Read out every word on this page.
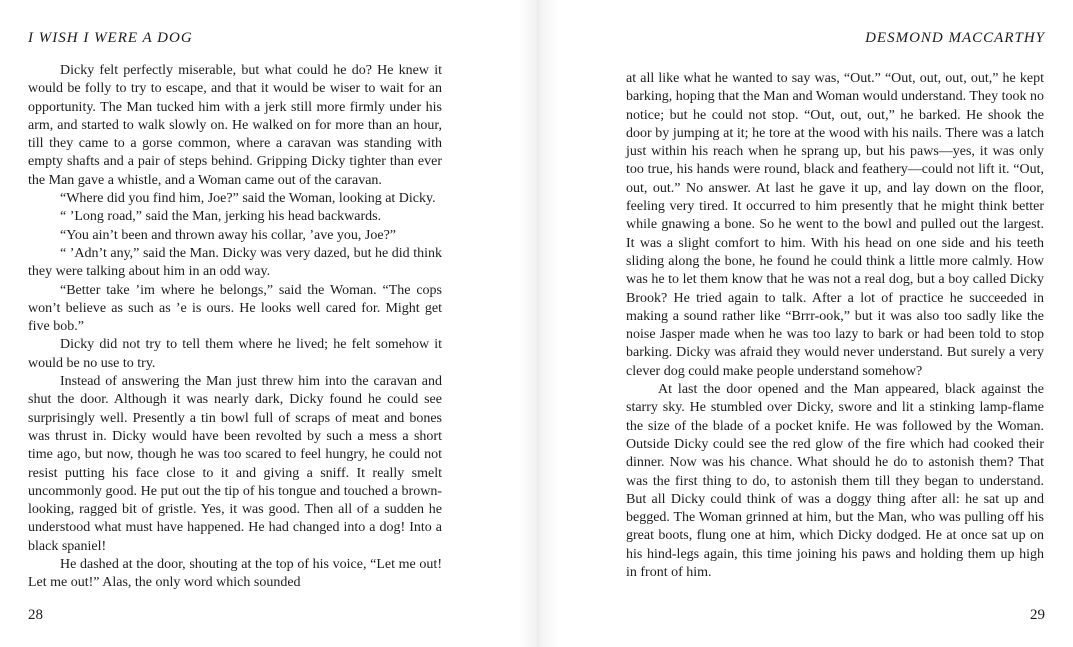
I WISH I WERE A DOG

Dicky felt perfectly miserable, but what could he do? He knew it would be folly to try to escape, and that it would be wiser to wait for an opportunity. The Man tucked him with a jerk still more firmly under his arm, and started to walk slowly on. He walked on for more than an hour, till they came to a gorse common, where a caravan was standing with empty shafts and a pair of steps behind. Gripping Dicky tighter than ever the Man gave a whistle, and a Woman came out of the caravan.

“Where did you find him, Joe?” said the Woman, looking at Dicky.

“ ’Long road,” said the Man, jerking his head backwards.

“You ain’t been and thrown away his collar, ’ave you, Joe?”

“ ’Adn’t any,” said the Man. Dicky was very dazed, but he did think they were talking about him in an odd way.

“Better take ’im where he belongs,” said the Woman. “The cops won’t believe as such as ’e is ours. He looks well cared for. Might get five bob.”

Dicky did not try to tell them where he lived; he felt somehow it would be no use to try.

Instead of answering the Man just threw him into the caravan and shut the door. Although it was nearly dark, Dicky found he could see surprisingly well. Presently a tin bowl full of scraps of meat and bones was thrust in. Dicky would have been revolted by such a mess a short time ago, but now, though he was too scared to feel hungry, he could not resist putting his face close to it and giving a sniff. It really smelt uncommonly good. He put out the tip of his tongue and touched a brown-looking, ragged bit of gristle. Yes, it was good. Then all of a sudden he understood what must have happened. He had changed into a dog! Into a black spaniel!

He dashed at the door, shouting at the top of his voice, “Let me out! Let me out!” Alas, the only word which sounded

28
DESMOND MACCARTHY

at all like what he wanted to say was, “Out.” “Out, out, out, out,” he kept barking, hoping that the Man and Woman would understand. They took no notice; but he could not stop. “Out, out, out,” he barked. He shook the door by jumping at it; he tore at the wood with his nails. There was a latch just within his reach when he sprang up, but his paws—yes, it was only too true, his hands were round, black and feathery—could not lift it. “Out, out, out.” No answer. At last he gave it up, and lay down on the floor, feeling very tired. It occurred to him presently that he might think better while gnawing a bone. So he went to the bowl and pulled out the largest. It was a slight comfort to him. With his head on one side and his teeth sliding along the bone, he found he could think a little more calmly. How was he to let them know that he was not a real dog, but a boy called Dicky Brook? He tried again to talk. After a lot of practice he succeeded in making a sound rather like “Brrr-ook,” but it was also too sadly like the noise Jasper made when he was too lazy to bark or had been told to stop barking. Dicky was afraid they would never understand. But surely a very clever dog could make people understand somehow?

At last the door opened and the Man appeared, black against the starry sky. He stumbled over Dicky, swore and lit a stinking lamp-flame the size of the blade of a pocket knife. He was followed by the Woman. Outside Dicky could see the red glow of the fire which had cooked their dinner. Now was his chance. What should he do to astonish them? That was the first thing to do, to astonish them till they began to understand. But all Dicky could think of was a doggy thing after all: he sat up and begged. The Woman grinned at him, but the Man, who was pulling off his great boots, flung one at him, which Dicky dodged. He at once sat up on his hind-legs again, this time joining his paws and holding them up high in front of him.

29
